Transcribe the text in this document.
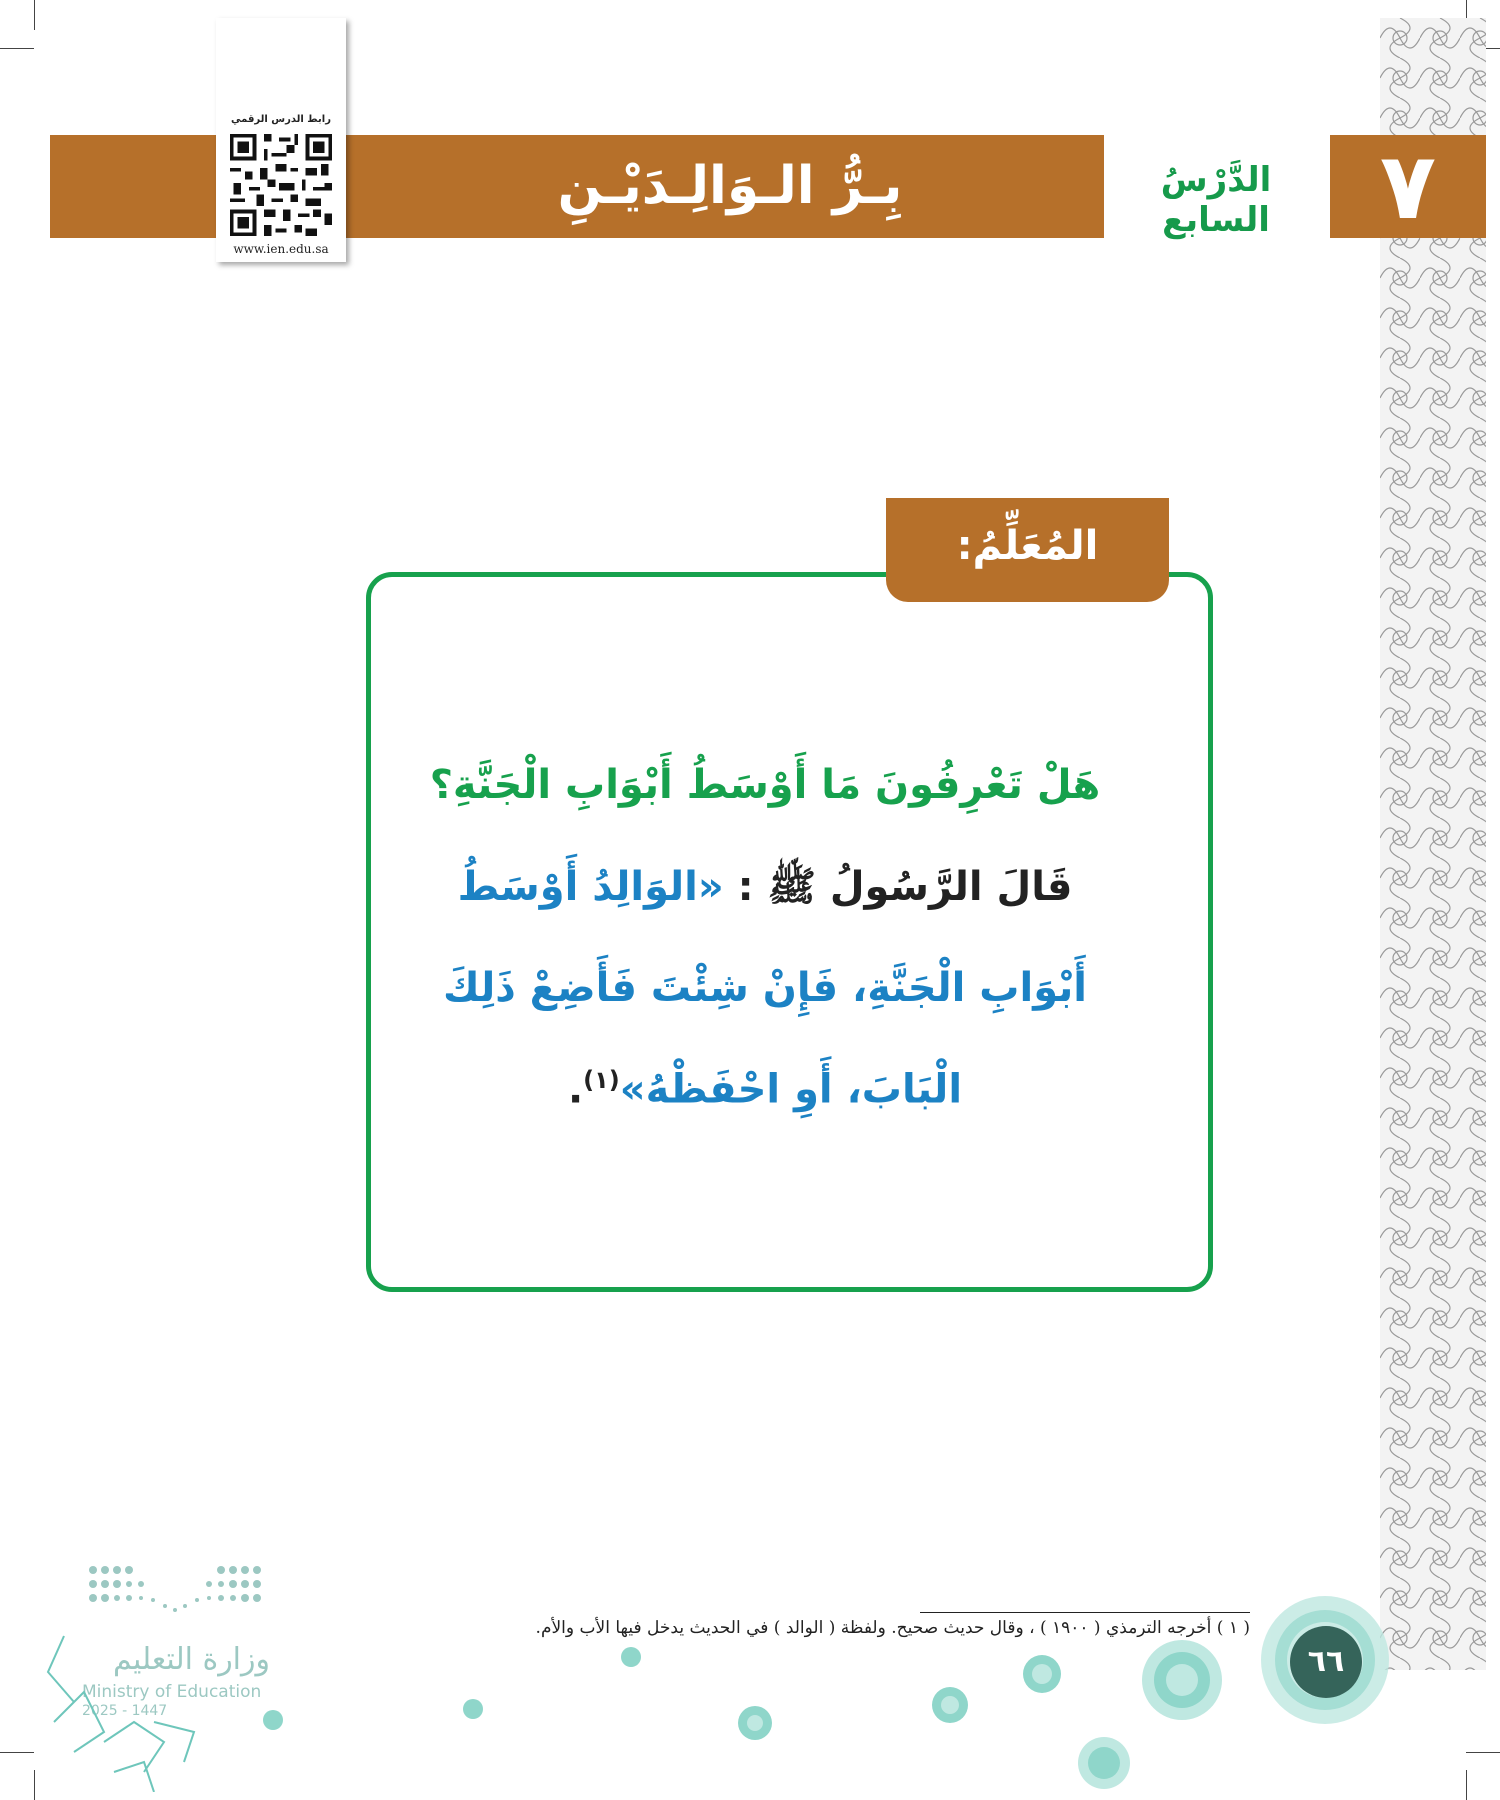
بِـرُّ الـوَالِـدَيْـنِ	الدَّرْسُ السابع	٧
رابط الدرس الرقمي
www.ien.edu.sa
المُعَلِّمُ:
هَلْ تَعْرِفُونَ مَا أَوْسَطُ أَبْوَابِ الْجَنَّةِ؟
قَالَ الرَّسُولُ ﷺ : «الوَالِدُ أَوْسَطُ
أَبْوَابِ الْجَنَّةِ، فَإِنْ شِئْتَ فَأَضِعْ ذَلِكَ
الْبَابَ، أَوِ احْفَظْهُ»$^{(١)}$.
( ١ ) أخرجه الترمذي ( ١٩٠٠ ) ، وقال حديث صحيح. ولفظة ( الوالد ) في الحديث يدخل فيها الأب والأم.
٦٦
وزارة التعليم
Ministry of Education
2025 - 1447
